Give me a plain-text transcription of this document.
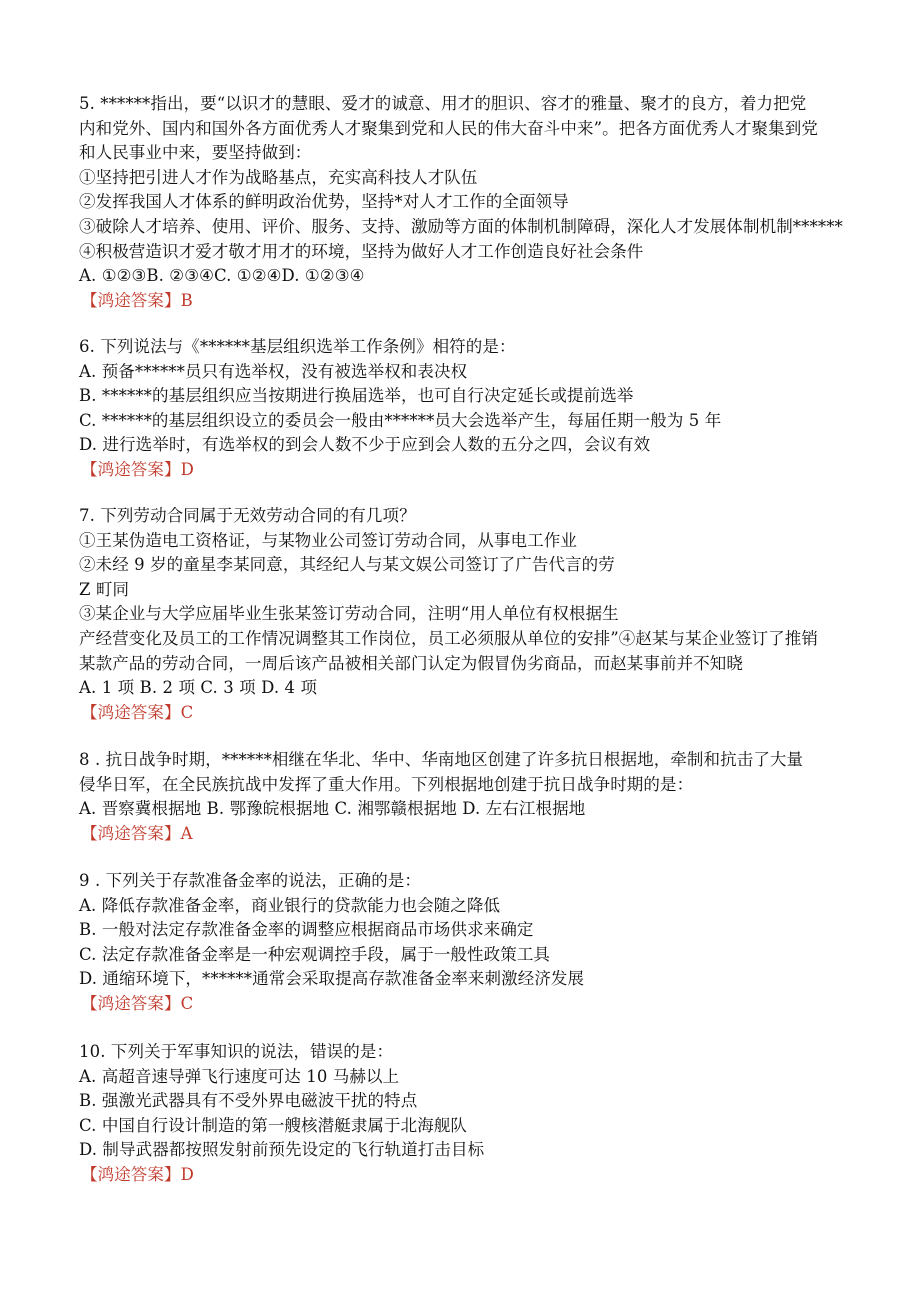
5. ******指出，要“以识才的慧眼、爱才的诚意、用才的胆识、容才的雅量、聚才的良方，着力把党
内和党外、国内和国外各方面优秀人才聚集到党和人民的伟大奋斗中来”。把各方面优秀人才聚集到党
和人民事业中来，要坚持做到：
①坚持把引进人才作为战略基点，充实高科技人才队伍
②发挥我国人才体系的鲜明政治优势，坚持*对人才工作的全面领导
③破除人才培养、使用、评价、服务、支持、激励等方面的体制机制障碍，深化人才发展体制机制******
④积极营造识才爱才敬才用才的环境，坚持为做好人才工作创造良好社会条件
A. ①②③B. ②③④C. ①②④D. ①②③④
【鸿途答案】B
6. 下列说法与《******基层组织选举工作条例》相符的是：
A. 预备******员只有选举权，没有被选举权和表决权
B. ******的基层组织应当按期进行换届选举，也可自行决定延长或提前选举
C. ******的基层组织设立的委员会一般由******员大会选举产生，每届任期一般为 5 年
D. 进行选举时，有选举权的到会人数不少于应到会人数的五分之四，会议有效
【鸿途答案】D
7. 下列劳动合同属于无效劳动合同的有几项？
①王某伪造电工资格证，与某物业公司签订劳动合同，从事电工作业
②未经 9 岁的童星李某同意，其经纪人与某文娱公司签订了广告代言的劳
Z 町同
③某企业与大学应届毕业生张某签订劳动合同，注明“用人单位有权根据生
产经营变化及员工的工作情况调整其工作岗位，员工必须服从单位的安排”④赵某与某企业签订了推销
某款产品的劳动合同，一周后该产品被相关部门认定为假冒伪劣商品，而赵某事前并不知晓
A. 1 项 B. 2 项 C. 3 项 D. 4 项
【鸿途答案】C
8 . 抗日战争时期，******相继在华北、华中、华南地区创建了许多抗日根据地，牵制和抗击了大量
侵华日军，在全民族抗战中发挥了重大作用。下列根据地创建于抗日战争时期的是：
A. 晋察冀根据地 B. 鄂豫皖根据地 C. 湘鄂赣根据地 D. 左右江根据地
【鸿途答案】A
9 . 下列关于存款准备金率的说法，正确的是：
A. 降低存款准备金率，商业银行的贷款能力也会随之降低
B. 一般对法定存款准备金率的调整应根据商品市场供求来确定
C. 法定存款准备金率是一种宏观调控手段，属于一般性政策工具
D. 通缩环境下，******通常会采取提高存款准备金率来刺激经济发展
【鸿途答案】C
10. 下列关于军事知识的说法，错误的是：
A. 高超音速导弹飞行速度可达 10 马赫以上
B. 强激光武器具有不受外界电磁波干扰的特点
C. 中国自行设计制造的第一艘核潜艇隶属于北海舰队
D. 制导武器都按照发射前预先设定的飞行轨道打击目标
【鸿途答案】D
